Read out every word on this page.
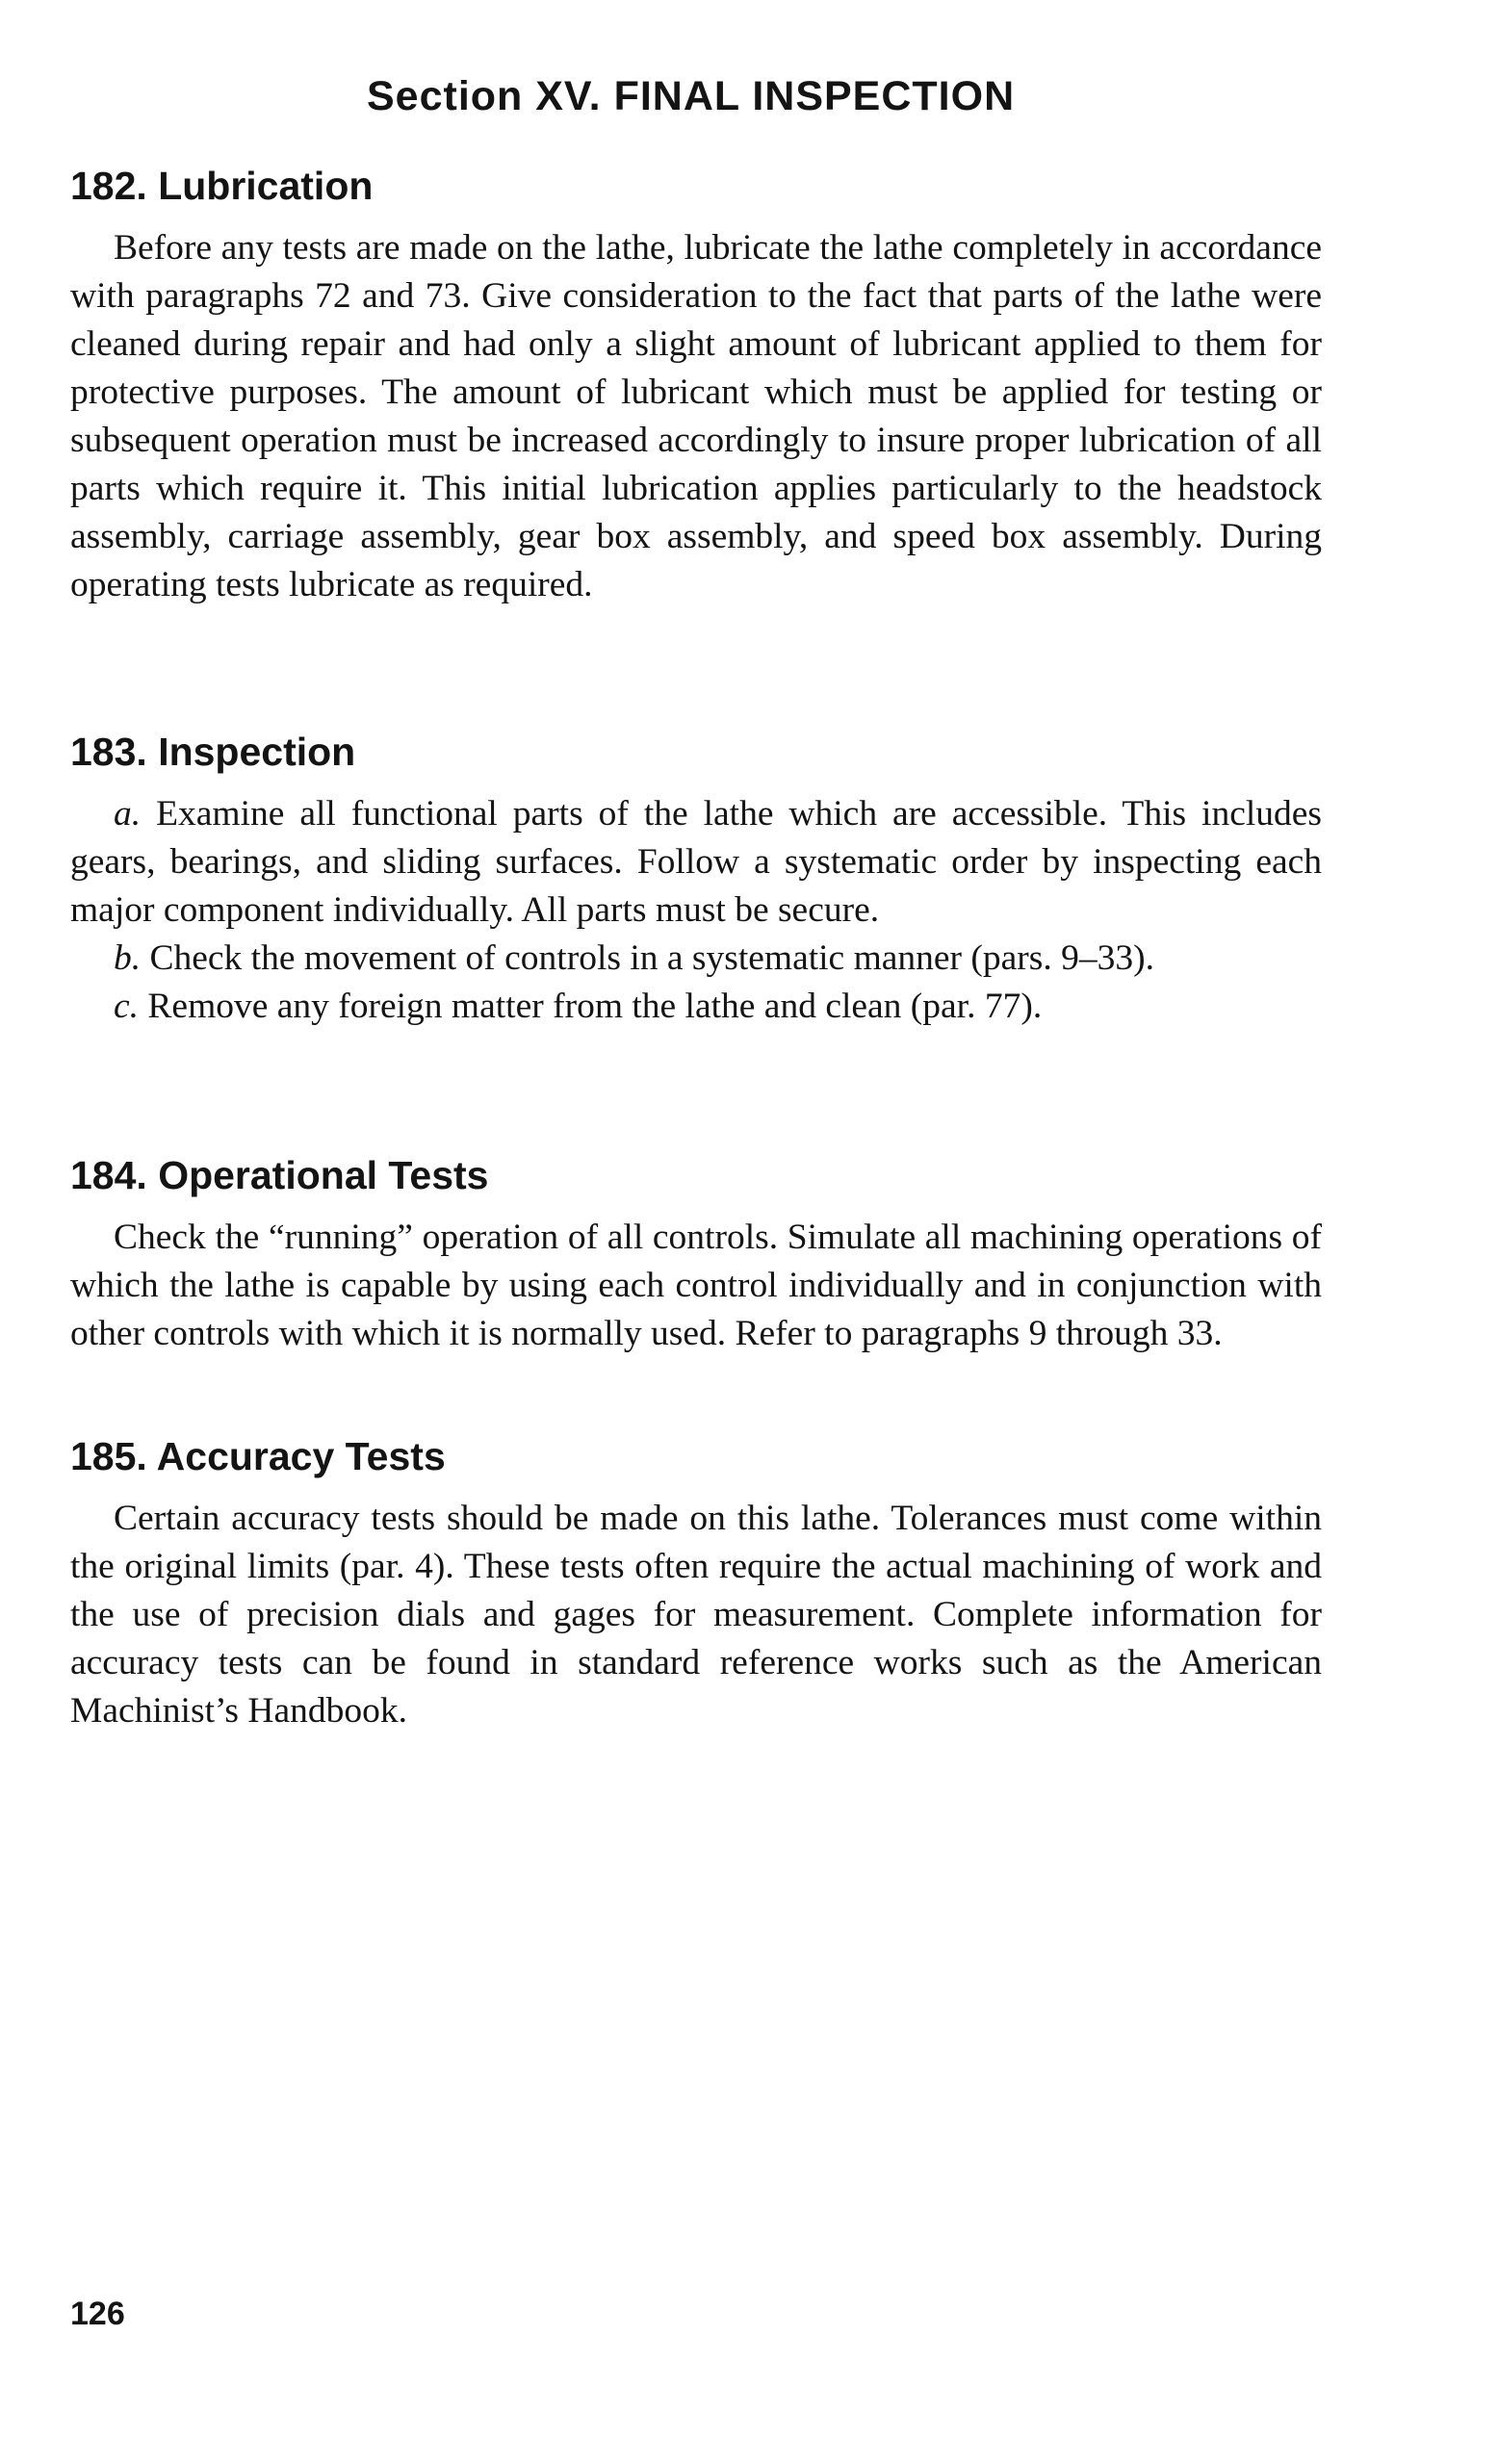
Section XV. FINAL INSPECTION
182. Lubrication

Before any tests are made on the lathe, lubricate the lathe completely in accordance with paragraphs 72 and 73. Give consideration to the fact that parts of the lathe were cleaned during repair and had only a slight amount of lubricant applied to them for protective purposes. The amount of lubricant which must be applied for testing or subsequent operation must be increased accordingly to insure proper lubrication of all parts which require it. This initial lubrication applies particularly to the headstock assembly, carriage assembly, gear box assembly, and speed box assembly. During operating tests lubricate as required.

183. Inspection

a. Examine all functional parts of the lathe which are accessible. This includes gears, bearings, and sliding surfaces. Follow a systematic order by inspecting each major component individually. All parts must be secure.

b. Check the movement of controls in a systematic manner (pars. 9–33).

c. Remove any foreign matter from the lathe and clean (par. 77).

184. Operational Tests

Check the “running” operation of all controls. Simulate all machining operations of which the lathe is capable by using each control individually and in conjunction with other controls with which it is normally used. Refer to paragraphs 9 through 33.

185. Accuracy Tests

Certain accuracy tests should be made on this lathe. Tolerances must come within the original limits (par. 4). These tests often require the actual machining of work and the use of precision dials and gages for measurement. Complete information for accuracy tests can be found in standard reference works such as the American Machinist’s Handbook.

126
